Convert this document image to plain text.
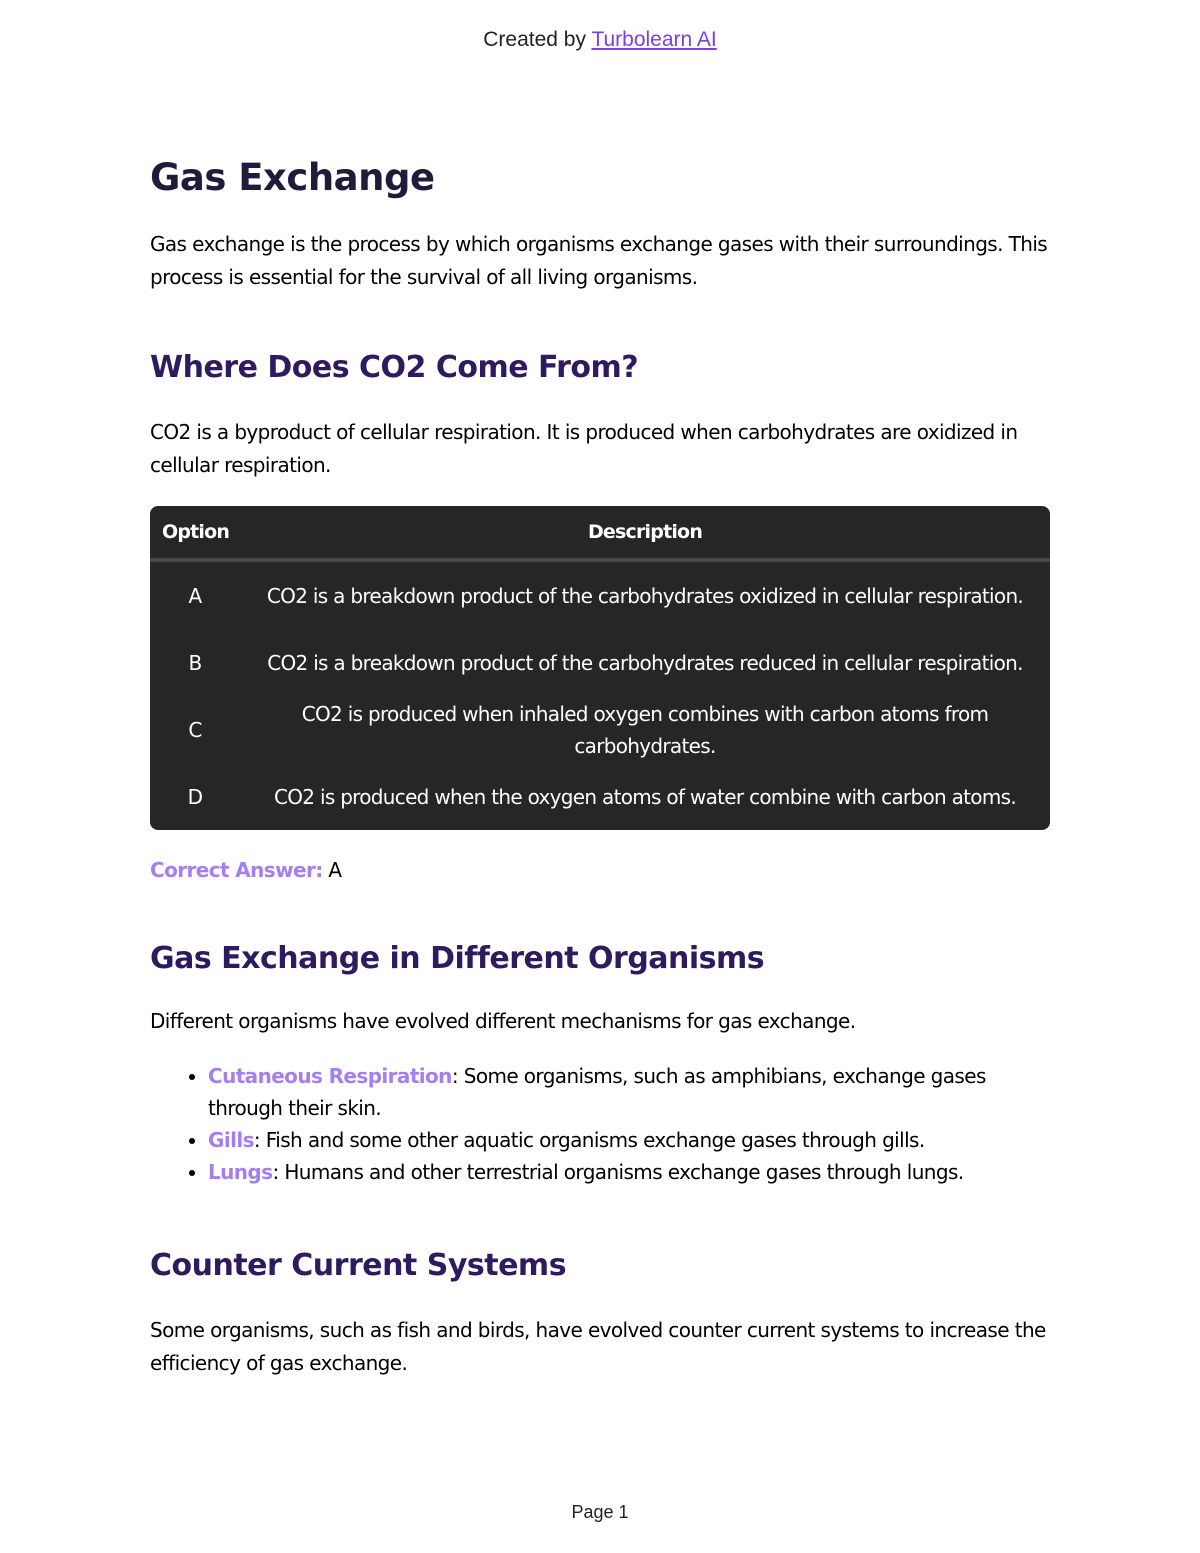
Created by Turbolearn AI
Gas Exchange

Gas exchange is the process by which organisms exchange gases with their surroundings. This process is essential for the survival of all living organisms.

Where Does CO2 Come From?

CO2 is a byproduct of cellular respiration. It is produced when carbohydrates are oxidized in cellular respiration.

Option	Description
A	CO2 is a breakdown product of the carbohydrates oxidized in cellular respiration.
B	CO2 is a breakdown product of the carbohydrates reduced in cellular respiration.
C	CO2 is produced when inhaled oxygen combines with carbon atoms from carbohydrates.
D	CO2 is produced when the oxygen atoms of water combine with carbon atoms.

Correct Answer: A

Gas Exchange in Different Organisms

Different organisms have evolved different mechanisms for gas exchange.

• Cutaneous Respiration: Some organisms, such as amphibians, exchange gases through their skin.
• Gills: Fish and some other aquatic organisms exchange gases through gills.
• Lungs: Humans and other terrestrial organisms exchange gases through lungs.
Counter Current Systems

Some organisms, such as fish and birds, have evolved counter current systems to increase the efficiency of gas exchange.

Page 1
